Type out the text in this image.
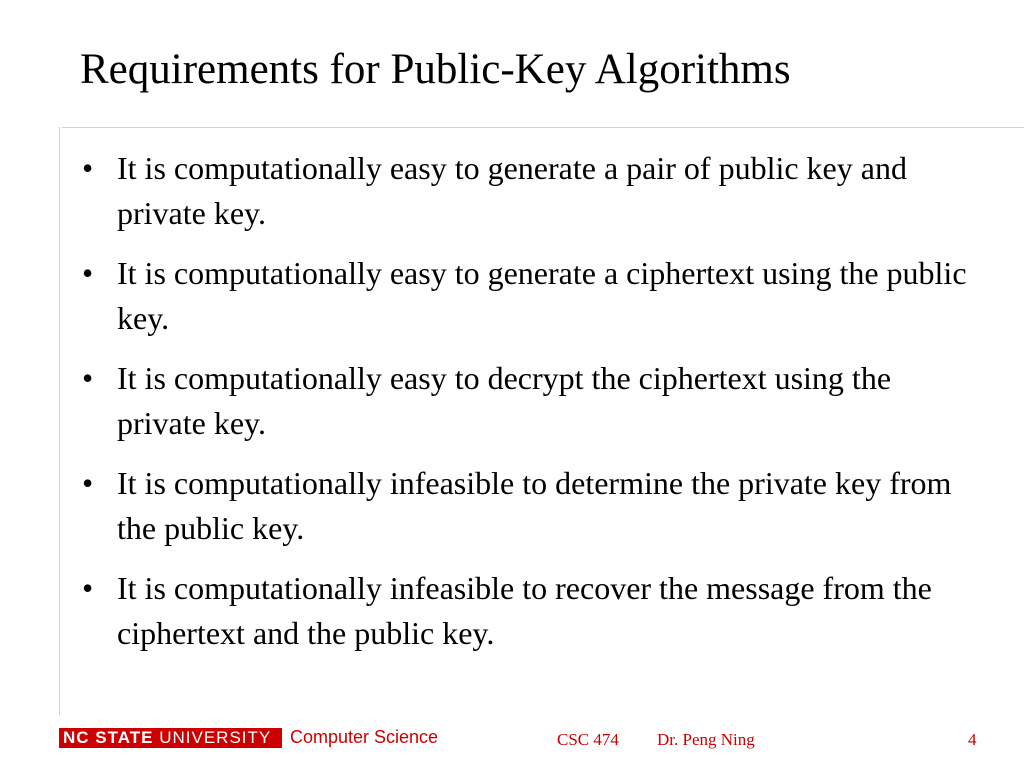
Requirements for Public-Key Algorithms
• It is computationally easy to generate a pair of public key and private key.
• It is computationally easy to generate a ciphertext using the public key.
• It is computationally easy to decrypt the ciphertext using the private key.
• It is computationally infeasible to determine the private key from the public key.
• It is computationally infeasible to recover the message from the ciphertext and the public key.
NC STATE UNIVERSITY	Computer Science	CSC 474 Dr. Peng Ning	4
